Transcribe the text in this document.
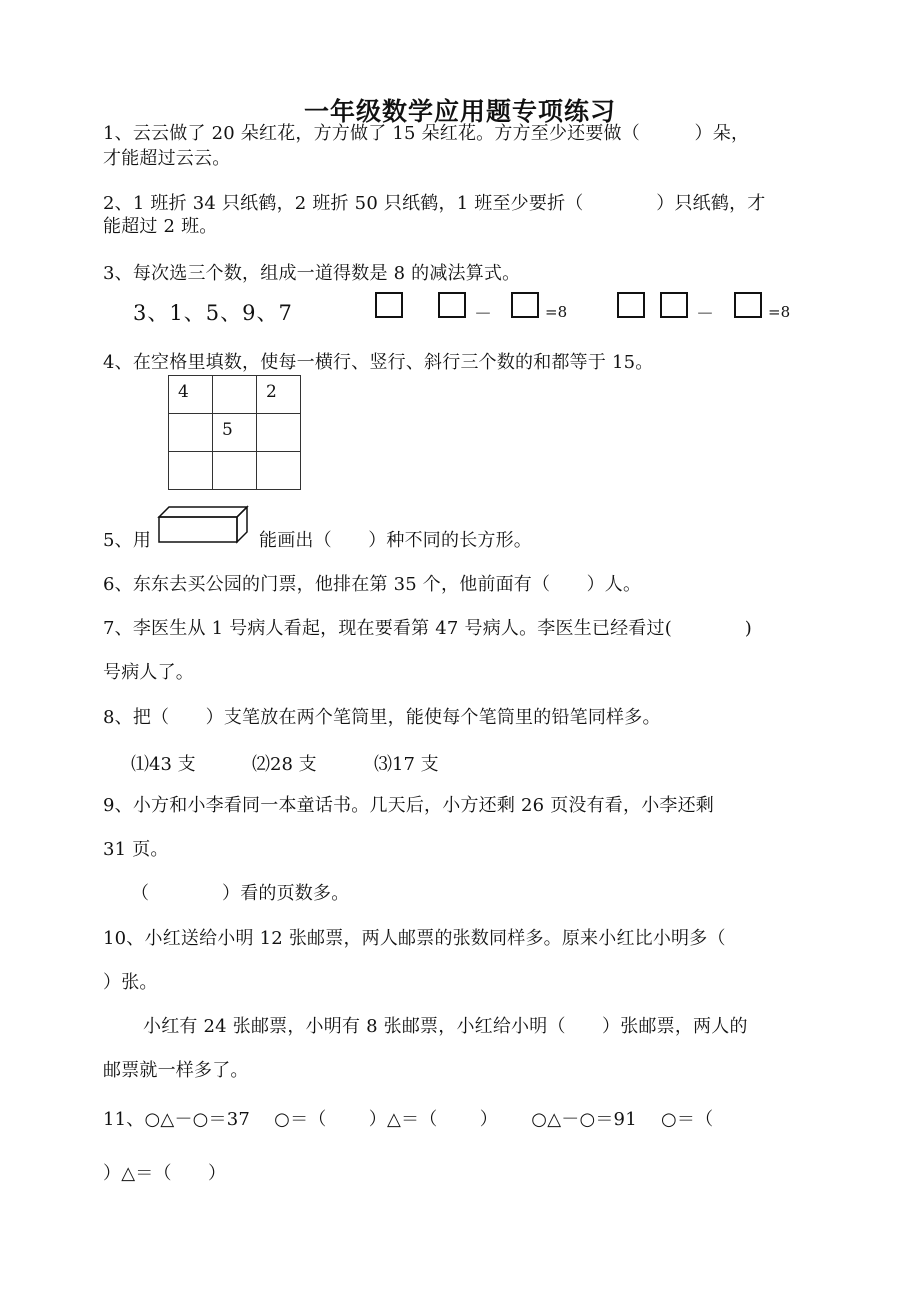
一年级数学应用题专项练习
1、云云做了 20 朵红花，方方做了 15 朵红花。方方至少还要做（　　　）朵，
才能超过云云。
2、1 班折 34 只纸鹤，2 班折 50 只纸鹤，1 班至少要折（　　　　）只纸鹤，才
能超过 2 班。
3、每次选三个数，组成一道得数是 8 的减法算式。
3、1、5、9、7	－	=8	－	=8
4、在空格里填数，使每一横行、竖行、斜行三个数的和都等于 15。
4		2
	5	

5、用	能画出（　　）种不同的长方形。
6、东东去买公园的门票，他排在第 35 个，他前面有（　　）人。
7、李医生从 1 号病人看起，现在要看第 47 号病人。李医生已经看过(　　　　)
号病人了。
8、把（　　）支笔放在两个笔筒里，能使每个笔筒里的铅笔同样多。
⑴43 支	⑵28 支	⑶17 支
9、小方和小李看同一本童话书。几天后，小方还剩 26 页没有看，小李还剩
31 页。
（　　　　）看的页数多。
10、小红送给小明 12 张邮票，两人邮票的张数同样多。原来小红比小明多（
）张。
小红有 24 张邮票，小明有 8 张邮票，小红给小明（　　）张邮票，两人的
邮票就一样多了。
11、○△－○＝37　 ○＝（　　 ）△＝（　　 ）　　 ○△－○＝91　 ○＝（
）△＝（　　）
